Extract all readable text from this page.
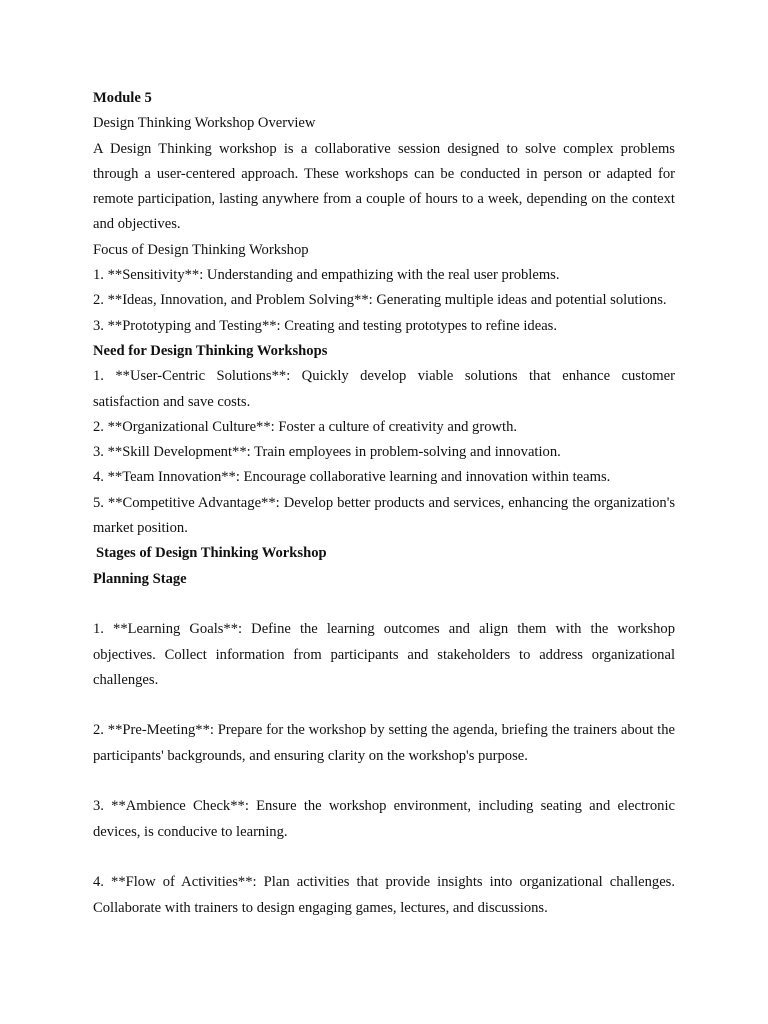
Module 5

Design Thinking Workshop Overview

A Design Thinking workshop is a collaborative session designed to solve complex problems through a user-centered approach. These workshops can be conducted in person or adapted for remote participation, lasting anywhere from a couple of hours to a week, depending on the context and objectives.

Focus of Design Thinking Workshop

1. **Sensitivity**: Understanding and empathizing with the real user problems.

2. **Ideas, Innovation, and Problem Solving**: Generating multiple ideas and potential solutions.

3. **Prototyping and Testing**: Creating and testing prototypes to refine ideas.

Need for Design Thinking Workshops

1. **User-Centric Solutions**: Quickly develop viable solutions that enhance customer satisfaction and save costs.

2. **Organizational Culture**: Foster a culture of creativity and growth.

3. **Skill Development**: Train employees in problem-solving and innovation.

4. **Team Innovation**: Encourage collaborative learning and innovation within teams.

5. **Competitive Advantage**: Develop better products and services, enhancing the organization's market position.

Stages of Design Thinking Workshop

Planning Stage

1. **Learning Goals**: Define the learning outcomes and align them with the workshop objectives. Collect information from participants and stakeholders to address organizational challenges.

2. **Pre-Meeting**: Prepare for the workshop by setting the agenda, briefing the trainers about the participants' backgrounds, and ensuring clarity on the workshop's purpose.

3. **Ambience Check**: Ensure the workshop environment, including seating and electronic devices, is conducive to learning.

4. **Flow of Activities**: Plan activities that provide insights into organizational challenges. Collaborate with trainers to design engaging games, lectures, and discussions.
